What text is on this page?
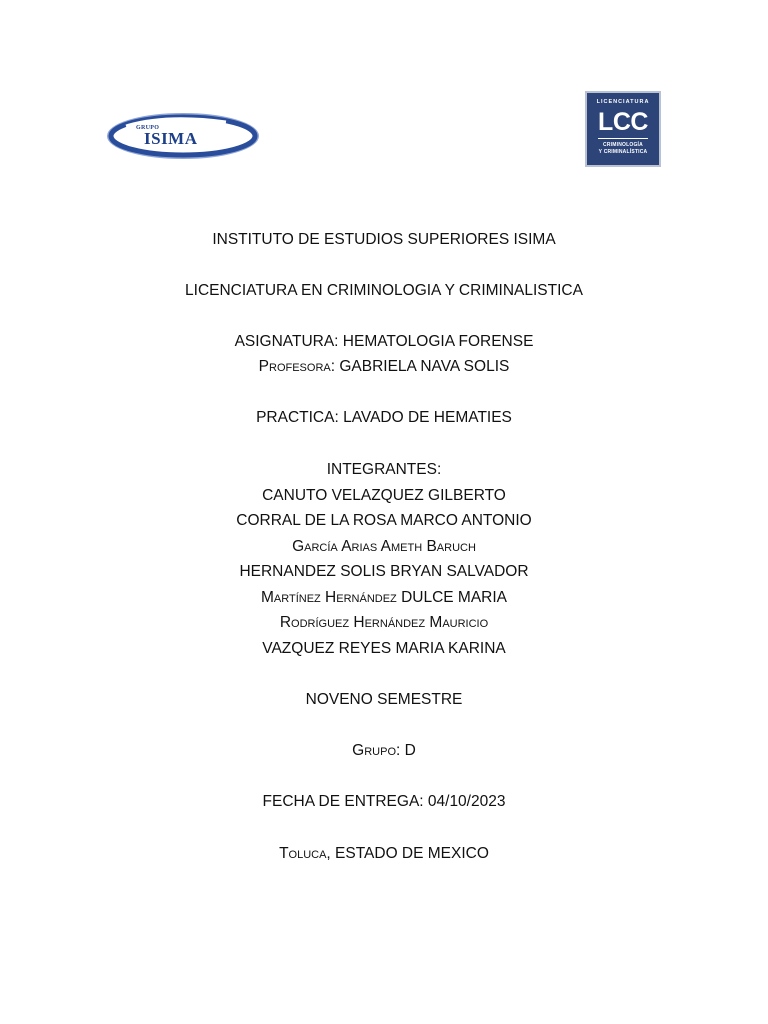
GRUPO
ISIMA
LICENCIATURA
LCC
CRIMINOLOGÍA
Y CRIMINALÍSTICA
INSTITUTO DE ESTUDIOS SUPERIORES ISIMA
LICENCIATURA EN CRIMINOLOGIA Y CRIMINALISTICA
ASIGNATURA: HEMATOLOGIA FORENSE
Profesora: GABRIELA NAVA SOLIS
PRACTICA: LAVADO DE HEMATIES
INTEGRANTES:
CANUTO VELAZQUEZ GILBERTO
CORRAL DE LA ROSA MARCO ANTONIO
García Arias Ameth Baruch
HERNANDEZ SOLIS BRYAN SALVADOR
Martínez Hernández DULCE MARIA
Rodríguez Hernández Mauricio
VAZQUEZ REYES MARIA KARINA
NOVENO SEMESTRE
Grupo: D
FECHA DE ENTREGA: 04/10/2023
Toluca, ESTADO DE MEXICO
